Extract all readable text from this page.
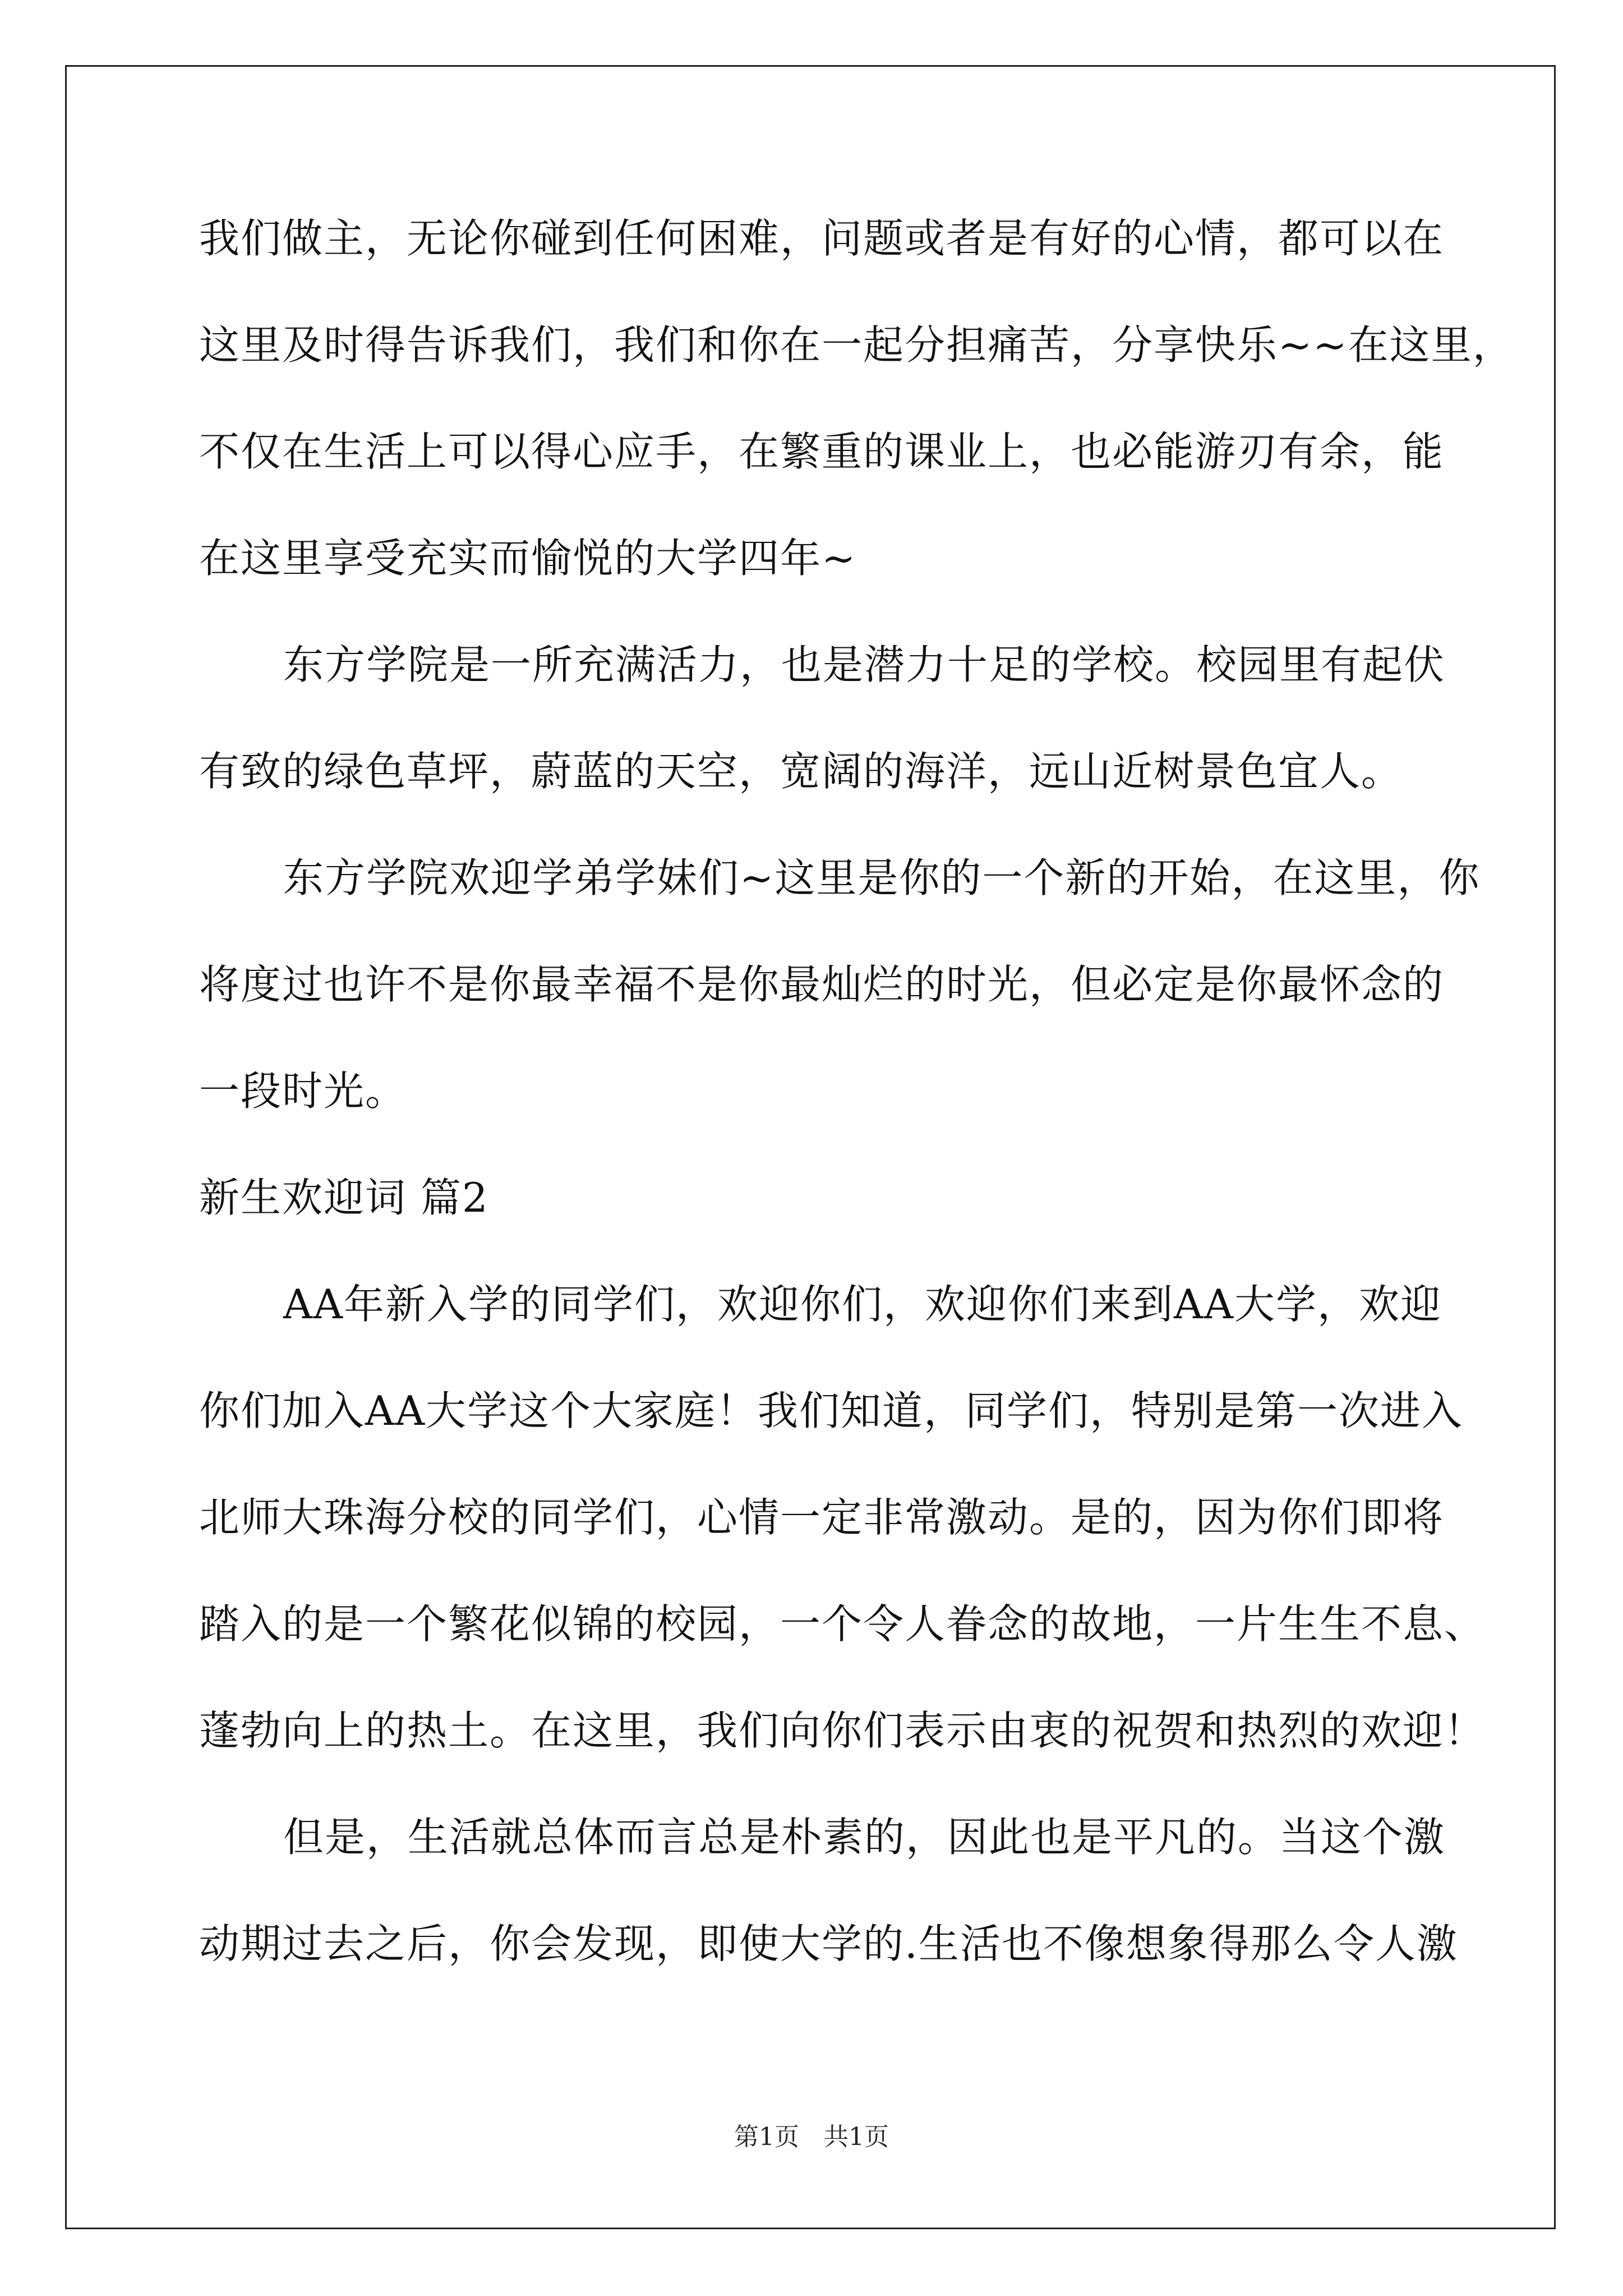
我们做主，无论你碰到任何困难，问题或者是有好的心情，都可以在
这里及时得告诉我们，我们和你在一起分担痛苦，分享快乐~~在这里，
不仅在生活上可以得心应手，在繁重的课业上，也必能游刃有余，能
在这里享受充实而愉悦的大学四年~
东方学院是一所充满活力，也是潜力十足的学校。校园里有起伏
有致的绿色草坪，蔚蓝的天空，宽阔的海洋，远山近树景色宜人。
东方学院欢迎学弟学妹们~这里是你的一个新的开始，在这里，你
将度过也许不是你最幸福不是你最灿烂的时光，但必定是你最怀念的
一段时光。
新生欢迎词 篇2
AA年新入学的同学们，欢迎你们，欢迎你们来到AA大学，欢迎
你们加入AA大学这个大家庭！我们知道，同学们，特别是第一次进入
北师大珠海分校的同学们，心情一定非常激动。是的，因为你们即将
踏入的是一个繁花似锦的校园，一个令人眷念的故地，一片生生不息、
蓬勃向上的热土。在这里，我们向你们表示由衷的祝贺和热烈的欢迎！
但是，生活就总体而言总是朴素的，因此也是平凡的。当这个激
动期过去之后，你会发现，即使大学的.生活也不像想象得那么令人激
第1页　共1页
